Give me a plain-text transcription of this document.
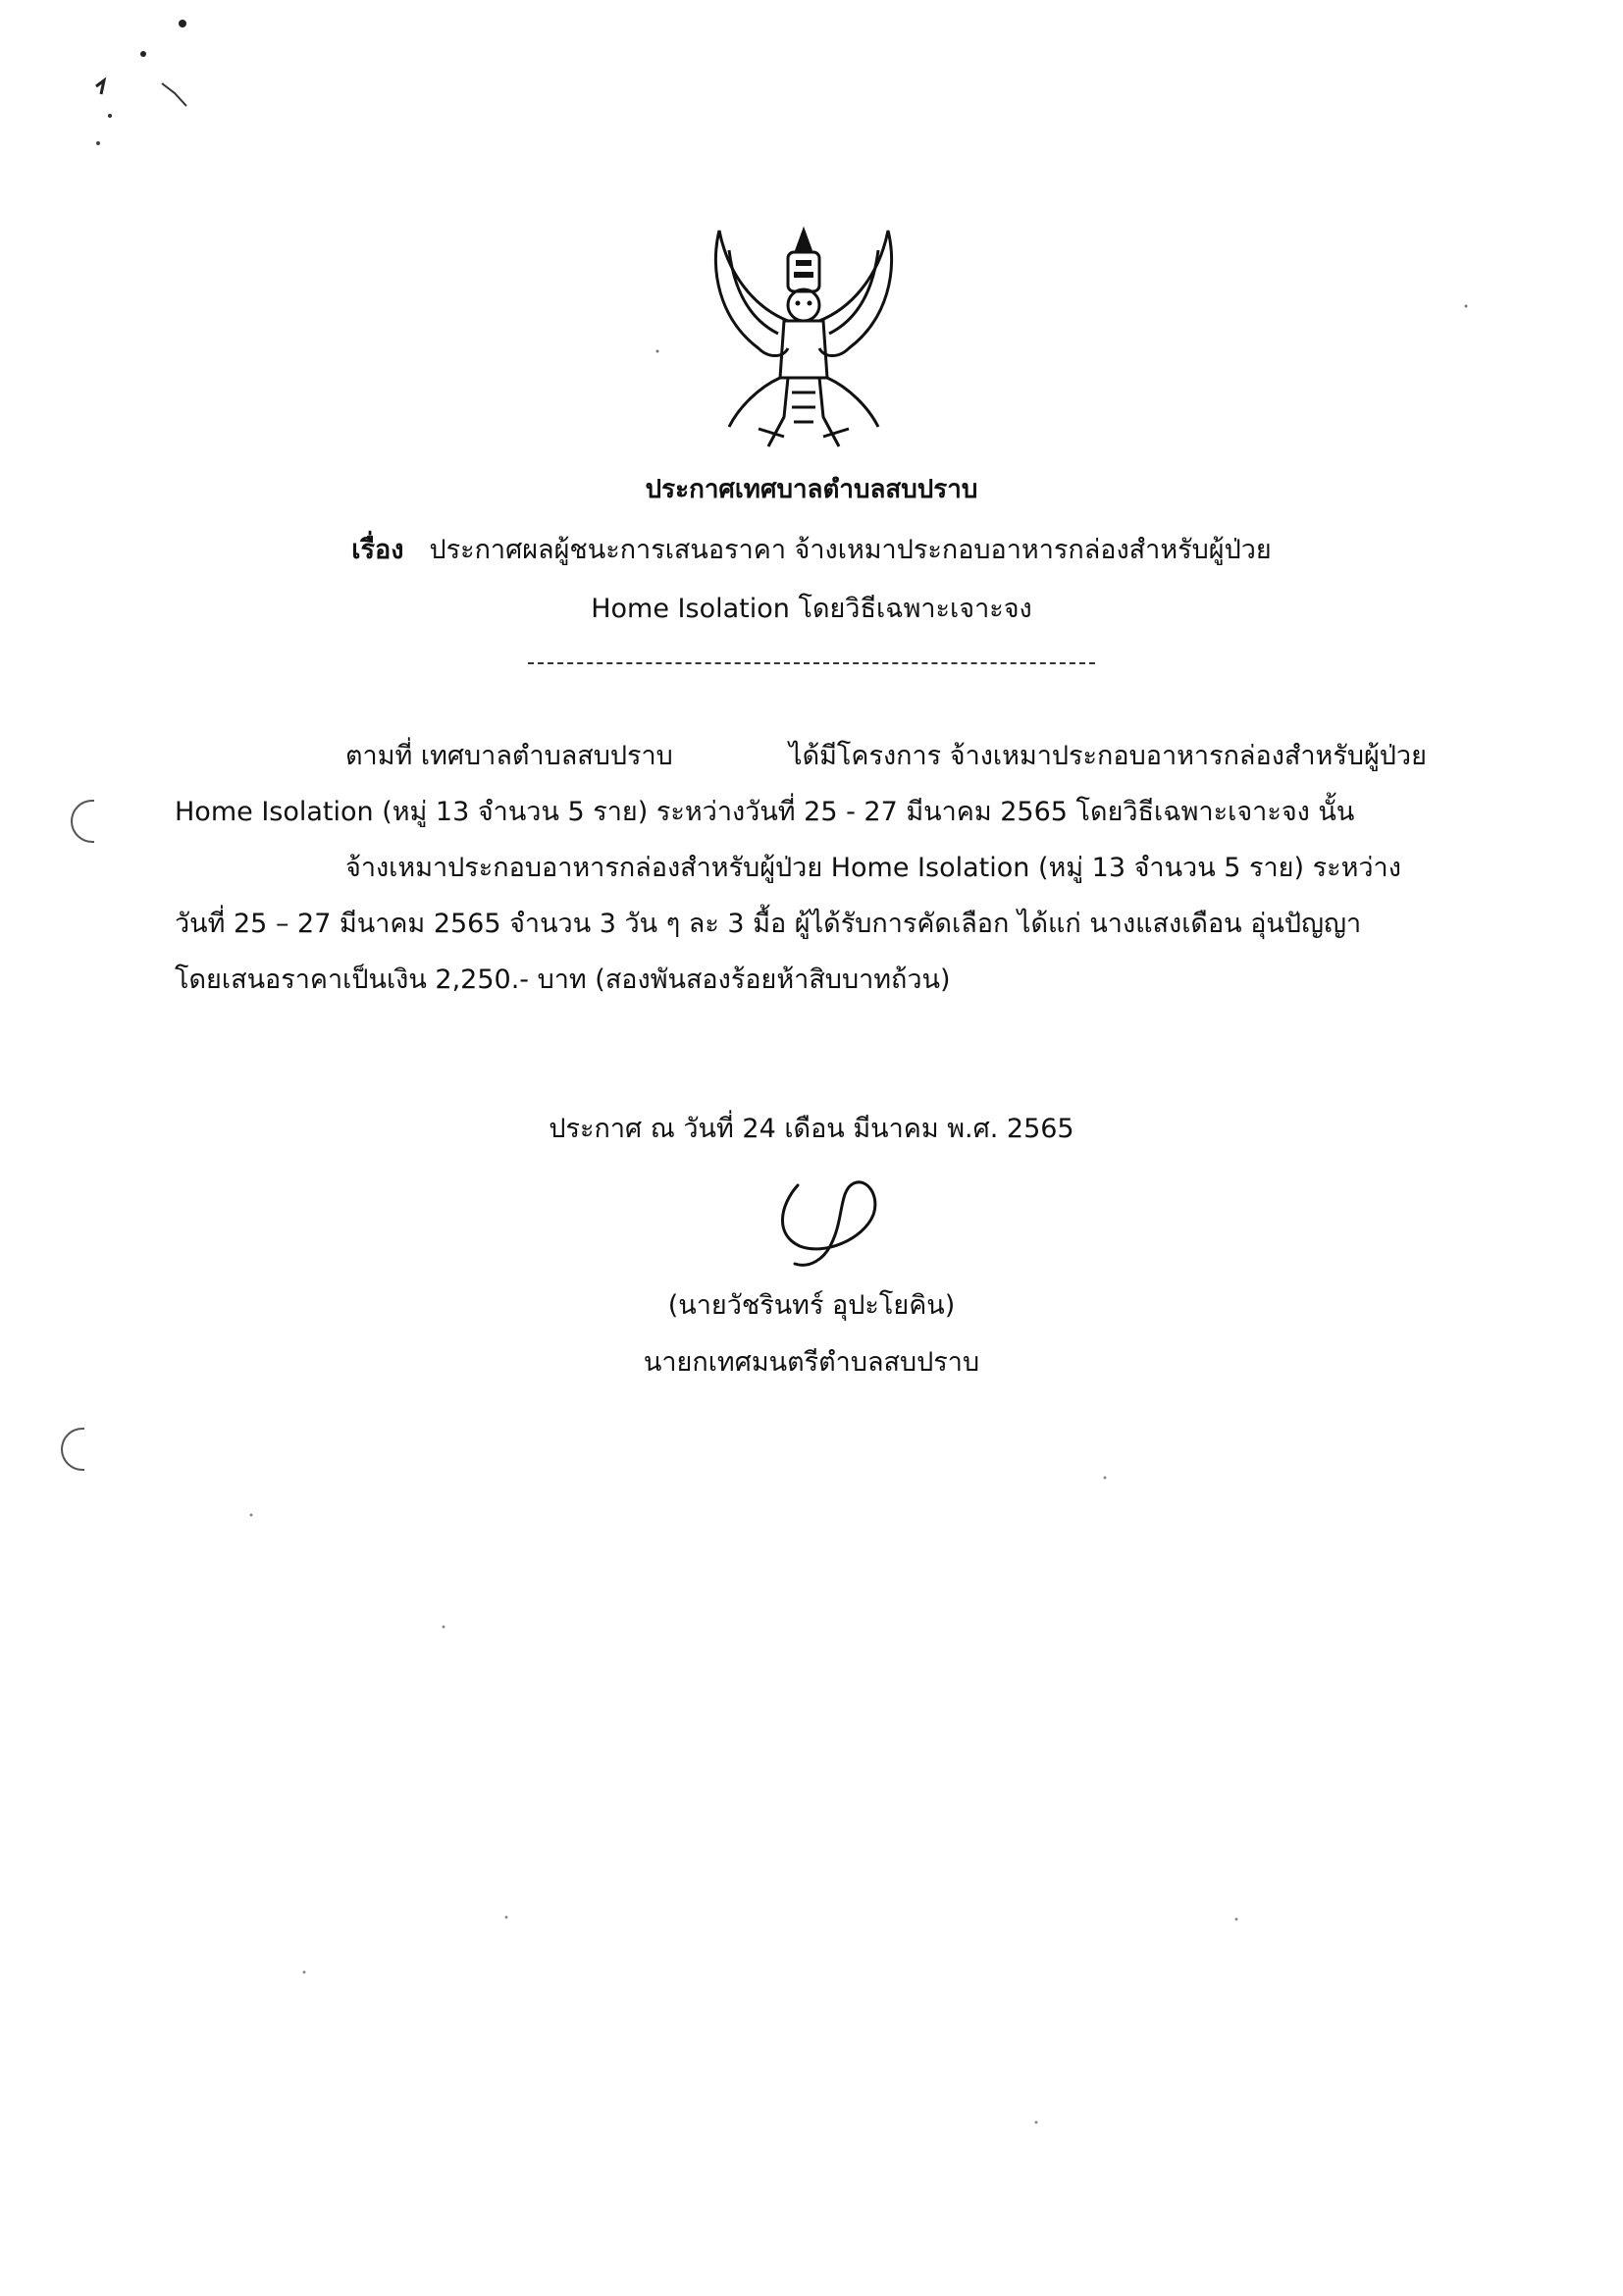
ประกาศเทศบาลตำบลสบปราบ
เรื่อง ประกาศผลผู้ชนะการเสนอราคา จ้างเหมาประกอบอาหารกล่องสำหรับผู้ป่วย
Home Isolation โดยวิธีเฉพาะเจาะจง
ตามที่ เทศบาลตำบลสบปราบ	ได้มีโครงการ จ้างเหมาประกอบอาหารกล่องสำหรับผู้ป่วย
Home Isolation (หมู่ 13 จำนวน 5 ราย) ระหว่างวันที่ 25 - 27 มีนาคม 2565 โดยวิธีเฉพาะเจาะจง นั้น
จ้างเหมาประกอบอาหารกล่องสำหรับผู้ป่วย Home Isolation (หมู่ 13 จำนวน 5 ราย) ระหว่าง
วันที่ 25 – 27 มีนาคม 2565 จำนวน 3 วัน ๆ ละ 3 มื้อ ผู้ได้รับการคัดเลือก ได้แก่ นางแสงเดือน อุ่นปัญญา
โดยเสนอราคาเป็นเงิน 2,250.- บาท (สองพันสองร้อยห้าสิบบาทถ้วน)
ประกาศ ณ วันที่ 24 เดือน มีนาคม พ.ศ. 2565
(นายวัชรินทร์ อุปะโยคิน)
นายกเทศมนตรีตำบลสบปราบ
